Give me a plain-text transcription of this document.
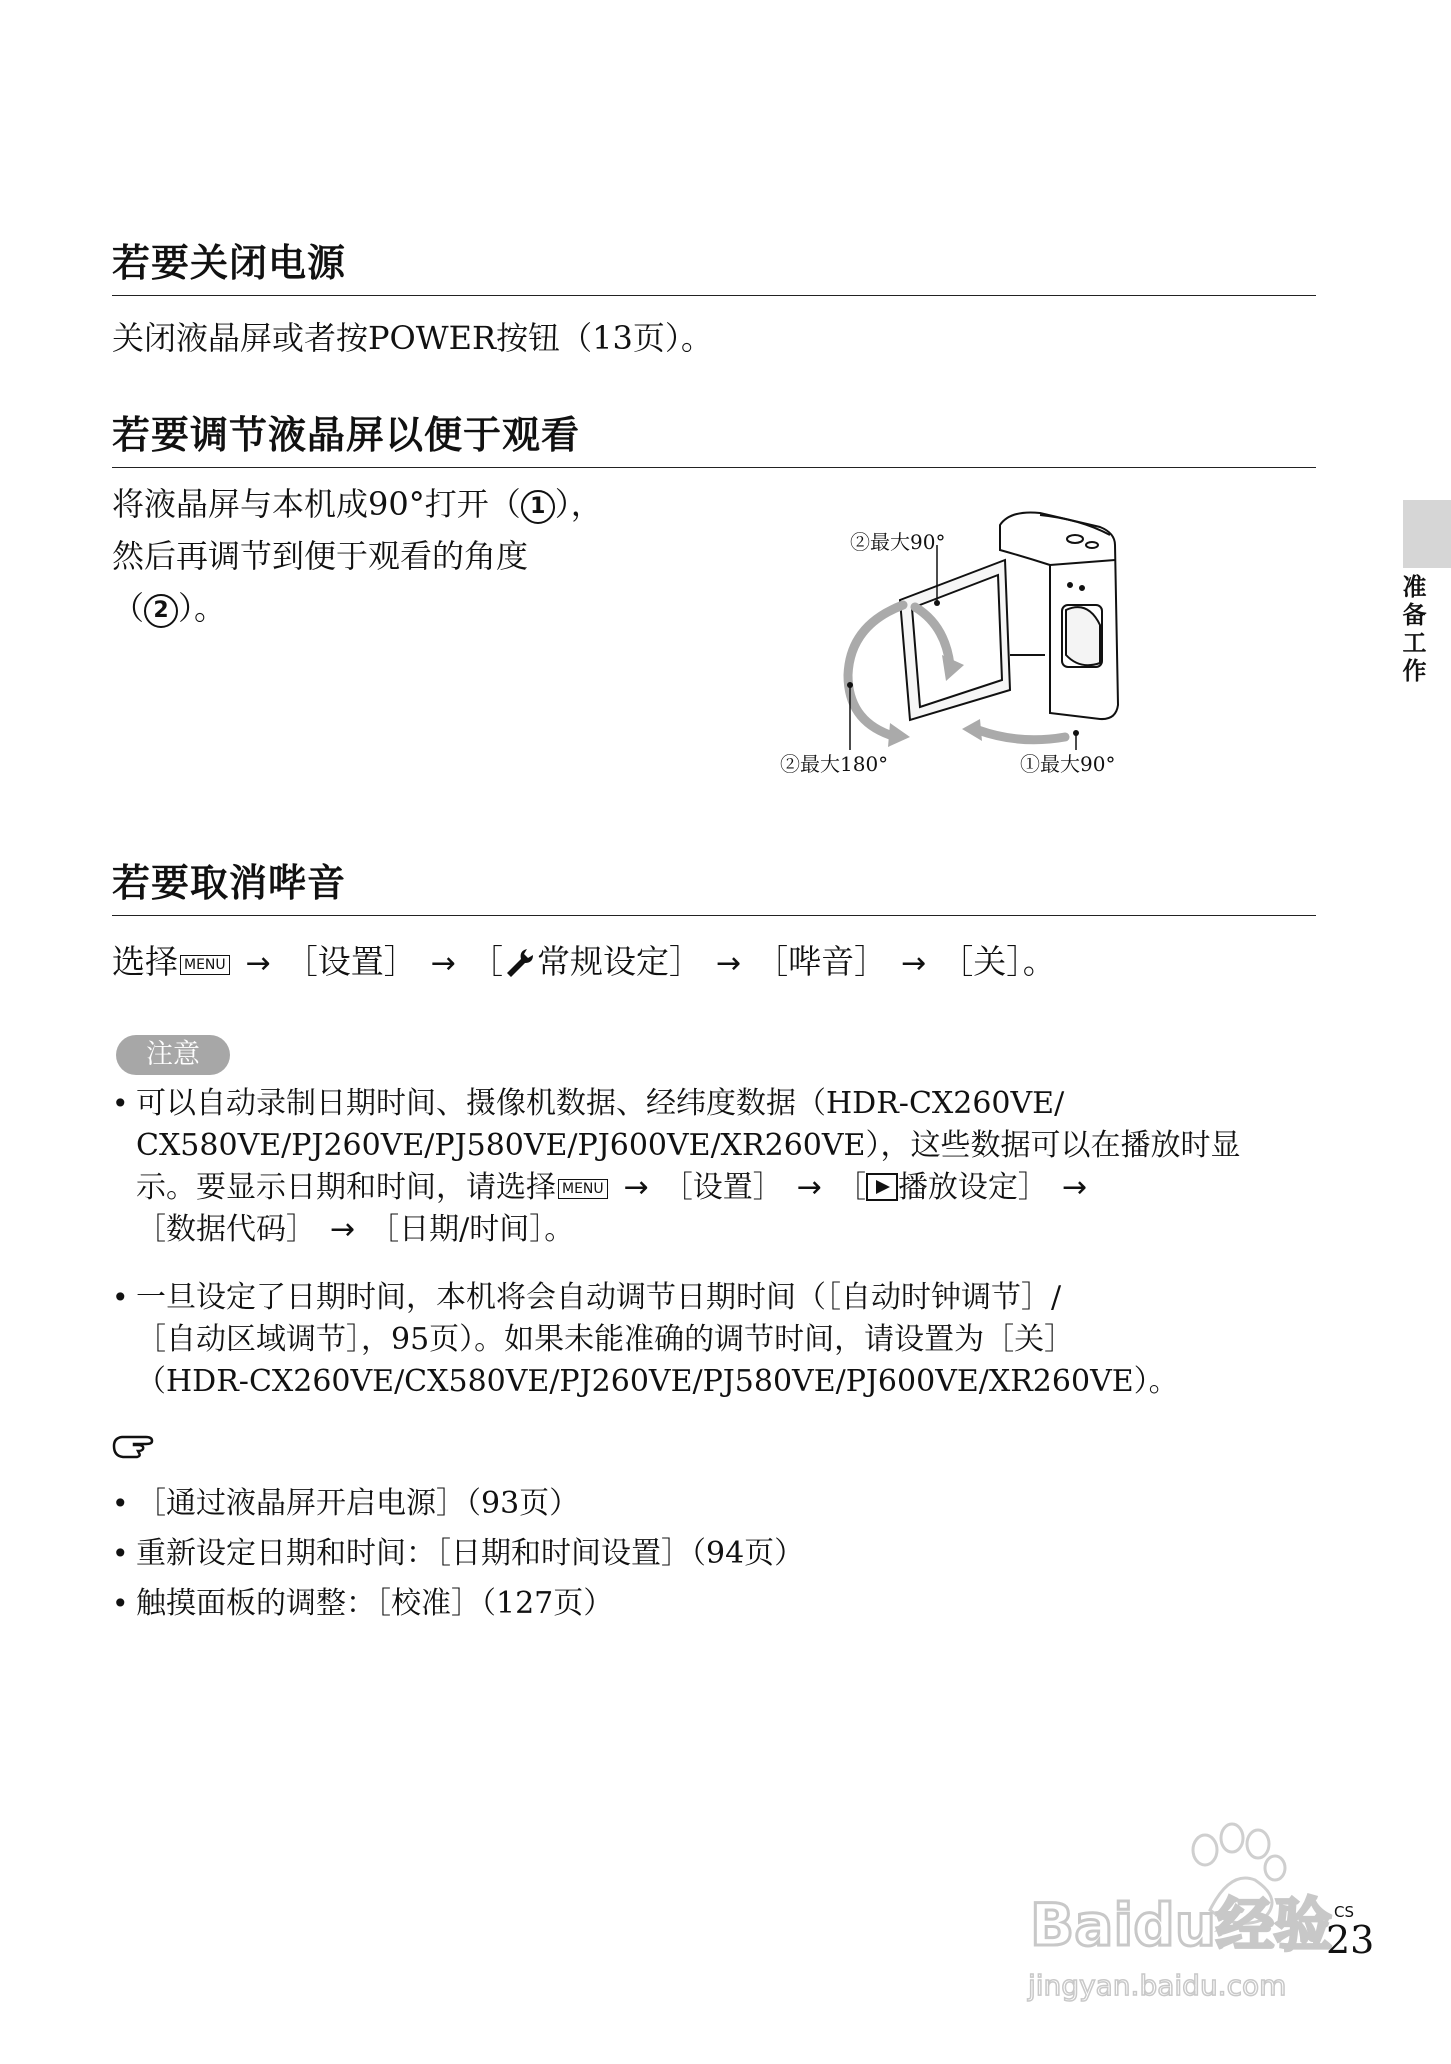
若要关闭电源
关闭液晶屏或者按POWER按钮（13页）。
若要调节液晶屏以便于观看
将液晶屏与本机成90°打开（ 1 ），
然后再调节到便于观看的角度
（ 2 ）。
②最大90°
②最大180°	①最大90°
若要取消哔音
选择 MENU → ［设置］ → ［ 常规设定］ → ［哔音］ → ［关］。
注意
• 可以自动录制日期时间、摄像机数据、经纬度数据（HDR-CX260VE/
CX580VE/PJ260VE/PJ580VE/PJ600VE/XR260VE），这些数据可以在播放时显
示。要显示日期和时间，请选择 MENU → ［设置］ → ［ 播放设定］ →
［数据代码］ → ［日期/时间］。
• 一旦设定了日期时间，本机将会自动调节日期时间（［自动时钟调节］/
［自动区域调节］，95页）。如果未能准确的调节时间，请设置为［关］
（HDR-CX260VE/CX580VE/PJ260VE/PJ580VE/PJ600VE/XR260VE）。
• ［通过液晶屏开启电源］（93页）
• 重新设定日期和时间：［日期和时间设置］（94页）
• 触摸面板的调整：［校准］（127页）
准备工作
Baidu经验
jingyan.baidu.com
CS
23
